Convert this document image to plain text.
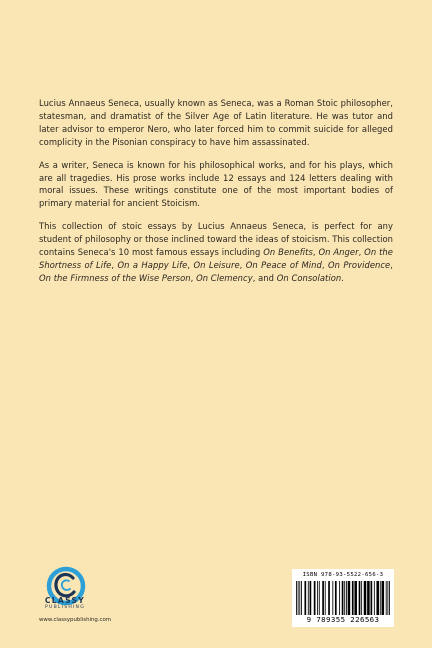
Lucius Annaeus Seneca, usually known as Seneca, was a Roman Stoic philosopher, statesman, and dramatist of the Silver Age of Latin literature. He was tutor and later advisor to emperor Nero, who later forced him to commit suicide for alleged complicity in the Pisonian conspiracy to have him assassinated.

As a writer, Seneca is known for his philosophical works, and for his plays, which are all tragedies. His prose works include 12 essays and 124 letters dealing with moral issues. These writings constitute one of the most important bodies of primary material for ancient Stoicism.

This collection of stoic essays by Lucius Annaeus Seneca, is perfect for any student of philosophy or those inclined toward the ideas of stoicism. This collection contains Seneca's 10 most famous essays including On Benefits, On Anger, On the Shortness of Life, On a Happy Life, On Leisure, On Peace of Mind, On Providence, On the Firmness of the Wise Person, On Clemency, and On Consolation.

CLASSY
PUBLISHING
www.classypublishing.com
ISBN 978-93-5522-656-3
9 789355 226563
